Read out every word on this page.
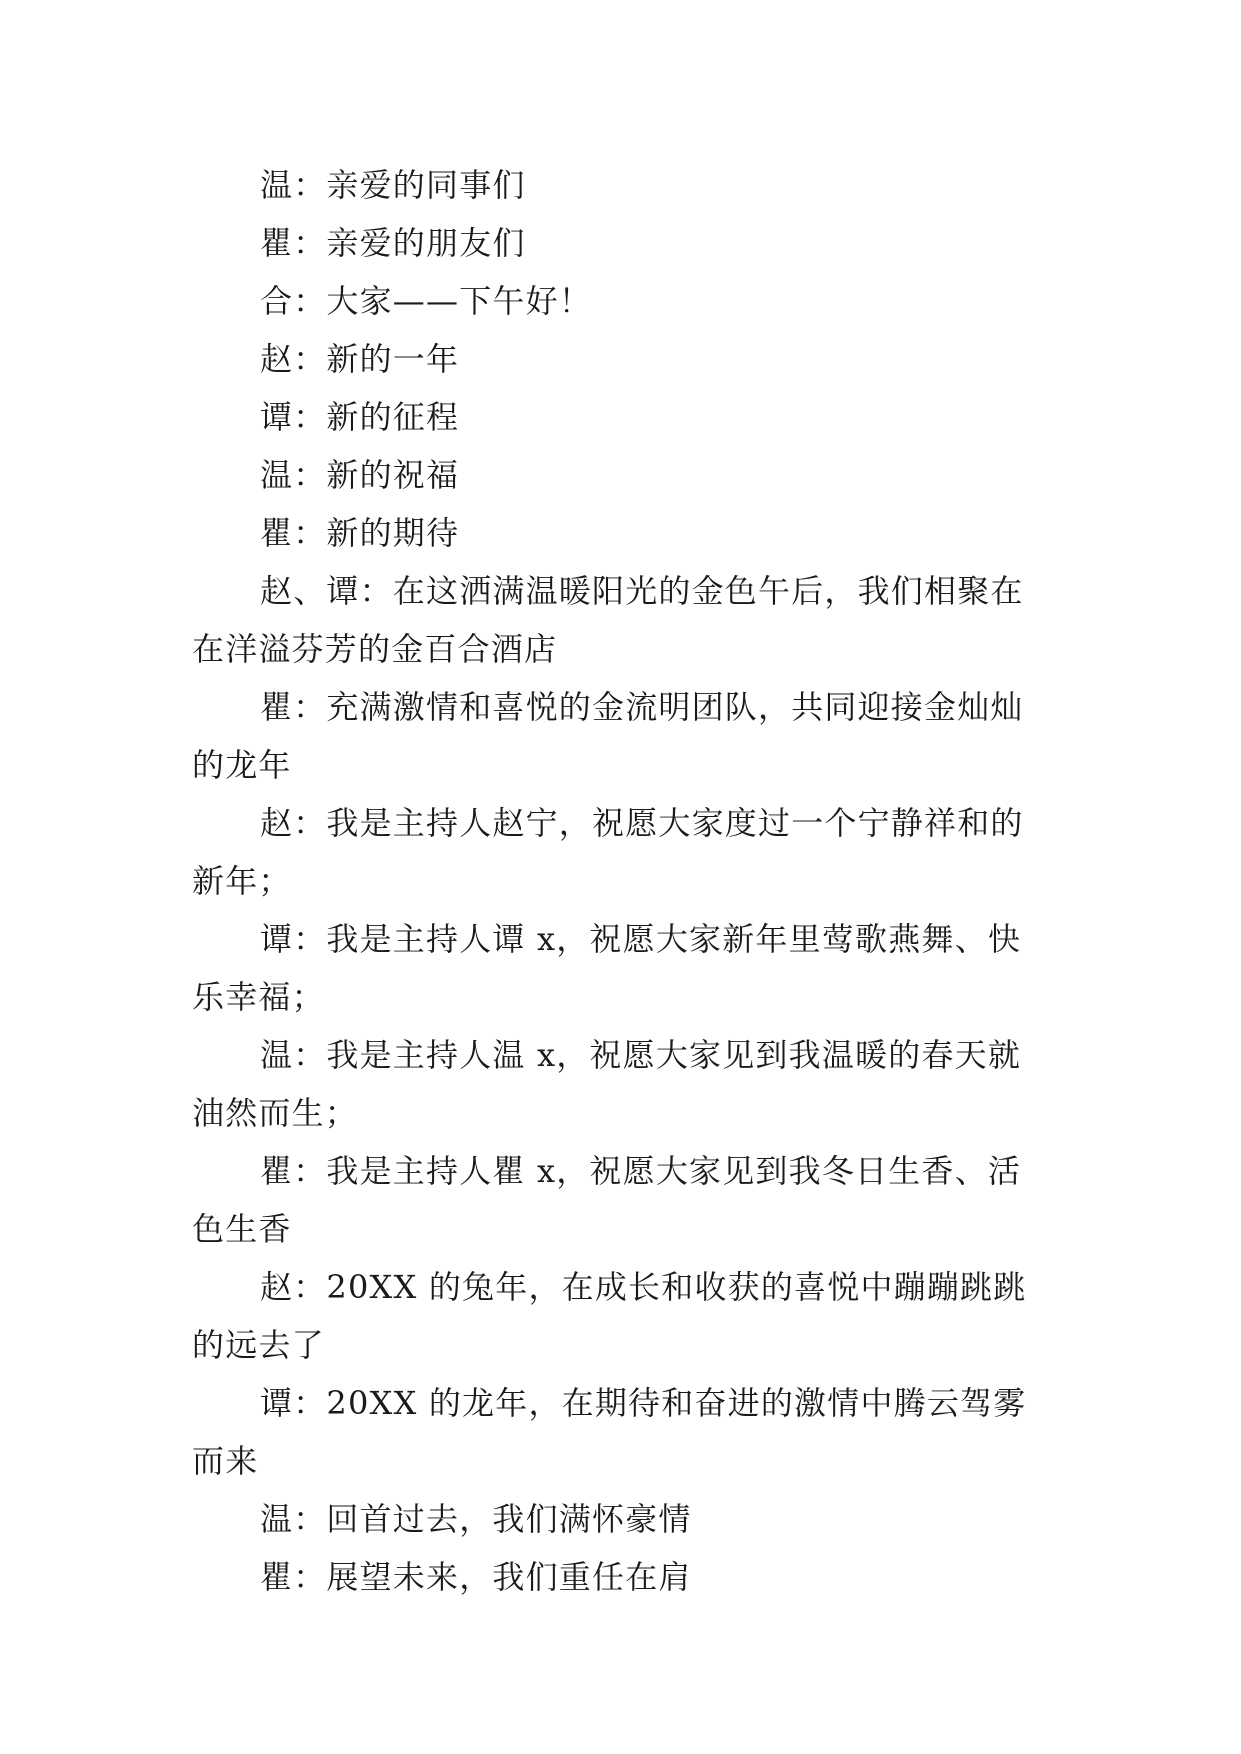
温：亲爱的同事们

瞿：亲爱的朋友们

合：大家——下午好！

赵：新的一年

谭：新的征程

温：新的祝福

瞿：新的期待

赵、谭：在这洒满温暖阳光的金色午后，我们相聚在在洋溢芬芳的金百合酒店

瞿：充满激情和喜悦的金流明团队，共同迎接金灿灿的龙年

赵：我是主持人赵宁，祝愿大家度过一个宁静祥和的新年；

谭：我是主持人谭 x，祝愿大家新年里莺歌燕舞、快乐幸福；

温：我是主持人温 x，祝愿大家见到我温暖的春天就油然而生；

瞿：我是主持人瞿 x，祝愿大家见到我冬日生香、活色生香

赵：20XX 的兔年，在成长和收获的喜悦中蹦蹦跳跳的远去了

谭：20XX 的龙年，在期待和奋进的激情中腾云驾雾而来

温：回首过去，我们满怀豪情

瞿：展望未来，我们重任在肩
